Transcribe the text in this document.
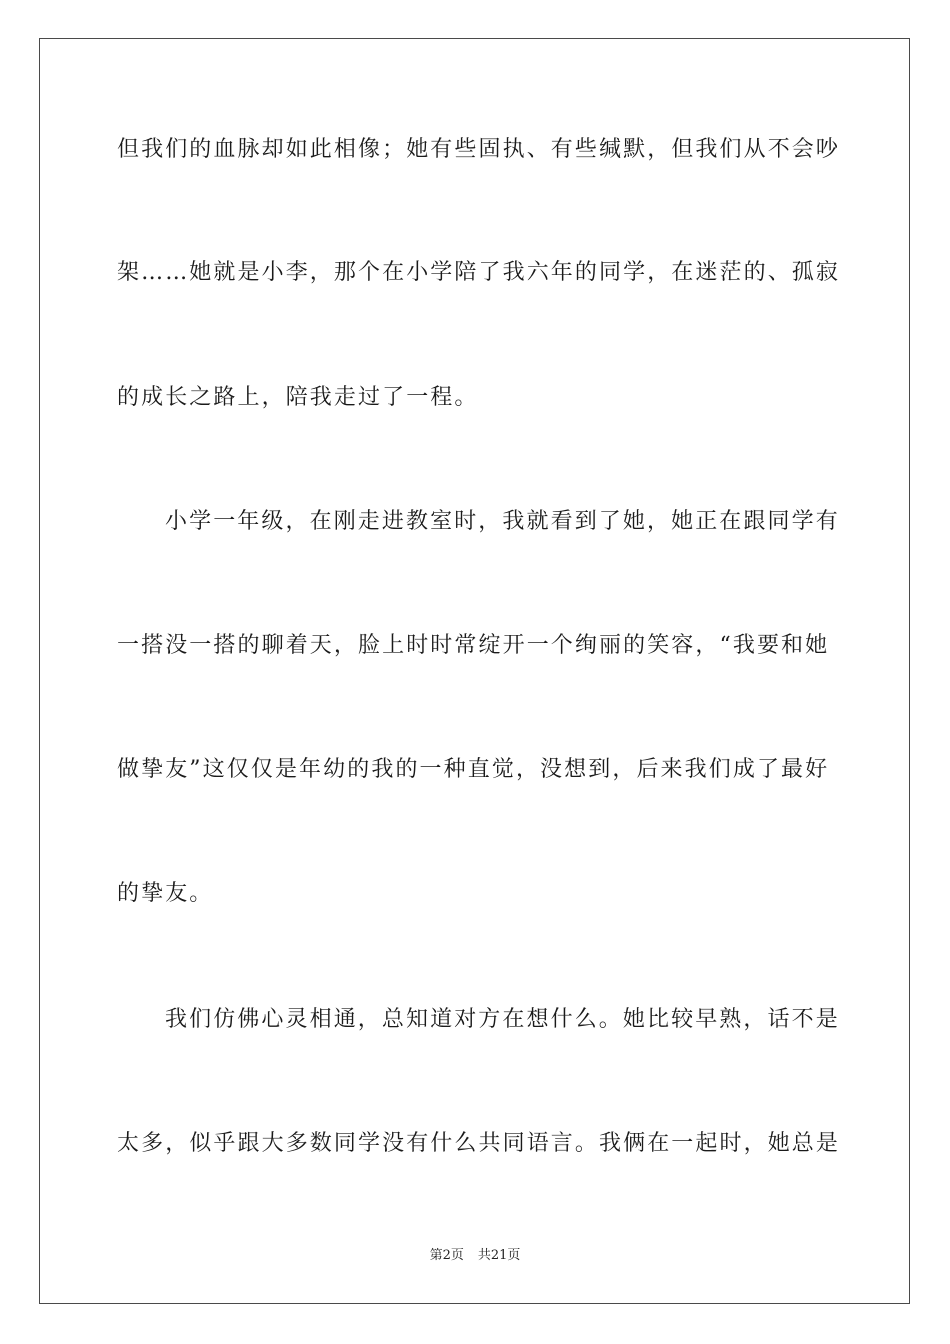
但我们的血脉却如此相像；她有些固执、有些缄默，但我们从不会吵
架……她就是小李，那个在小学陪了我六年的同学，在迷茫的、孤寂
的成长之路上，陪我走过了一程。
小学一年级，在刚走进教室时，我就看到了她，她正在跟同学有
一搭没一搭的聊着天，脸上时时常绽开一个绚丽的笑容，“我要和她
做挚友”这仅仅是年幼的我的一种直觉，没想到，后来我们成了最好
的挚友。
我们仿佛心灵相通，总知道对方在想什么。她比较早熟，话不是
太多，似乎跟大多数同学没有什么共同语言。我俩在一起时，她总是
第2页 共21页
